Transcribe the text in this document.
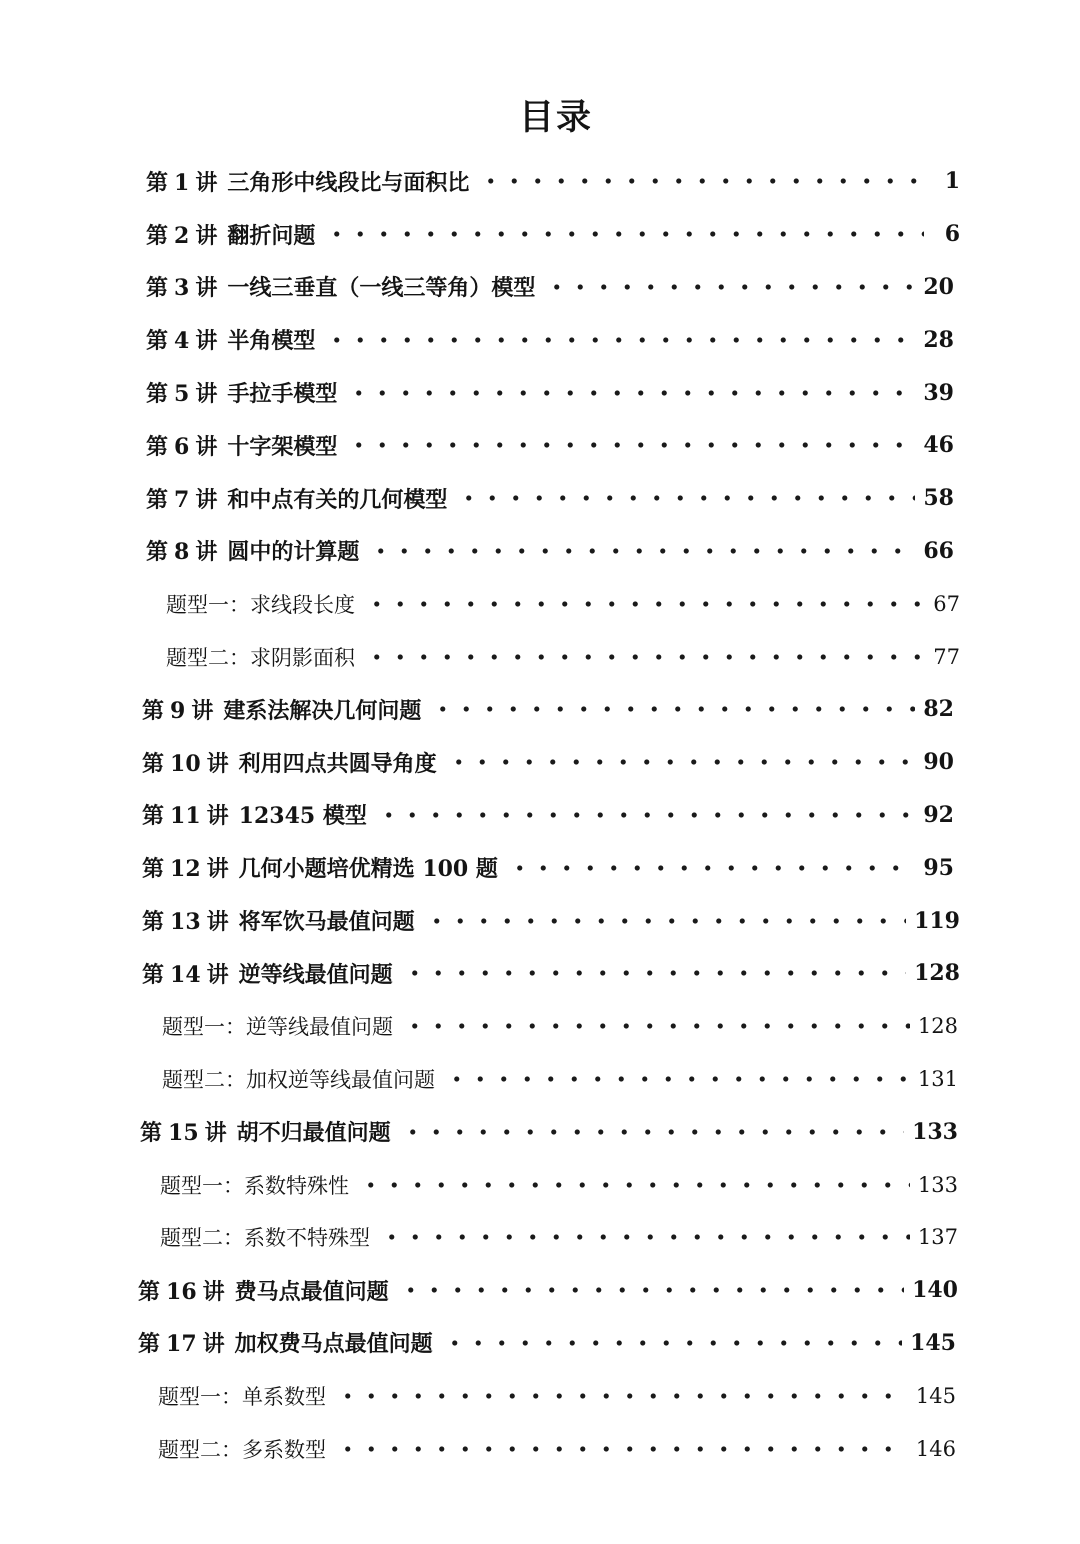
目录
第 1 讲 三角形中线段比与面积比	1
第 2 讲 翻折问题	6
第 3 讲 一线三垂直（一线三等角）模型	20
第 4 讲 半角模型	28
第 5 讲 手拉手模型	39
第 6 讲 十字架模型	46
第 7 讲 和中点有关的几何模型	58
第 8 讲 圆中的计算题	66
题型一：求线段长度	67
题型二：求阴影面积	77
第 9 讲 建系法解决几何问题	82
第 10 讲 利用四点共圆导角度	90
第 11 讲 12345 模型	92
第 12 讲 几何小题培优精选 100 题	95
第 13 讲 将军饮马最值问题	119
第 14 讲 逆等线最值问题	128
题型一：逆等线最值问题	128
题型二：加权逆等线最值问题	131
第 15 讲 胡不归最值问题	133
题型一：系数特殊性	133
题型二：系数不特殊型	137
第 16 讲 费马点最值问题	140
第 17 讲 加权费马点最值问题	145
题型一：单系数型	145
题型二：多系数型	146
